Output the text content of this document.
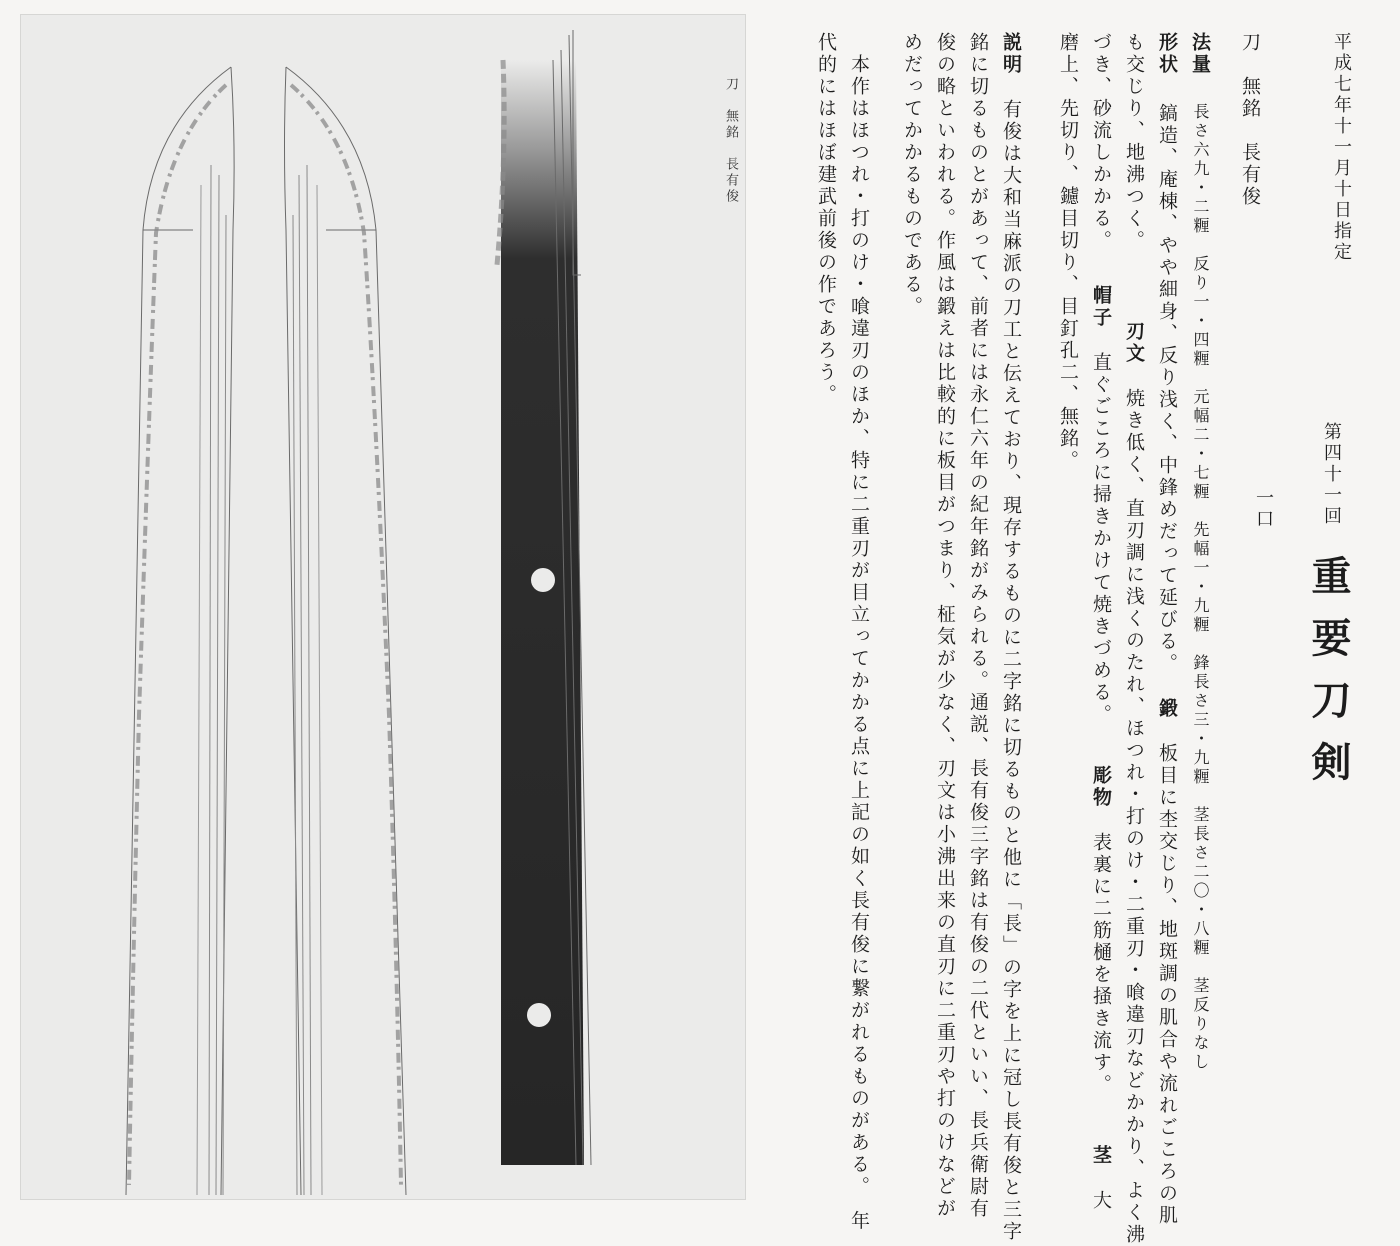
刀　無銘　長有俊	平成七年十一月十日指定
第四十一回
重要刀剣
一口
刀　無銘　長有俊
法量 長さ六九・二糎　反り一・四糎　元幅二・七糎　先幅一・九糎　鋒長さ三・九糎　茎長さ二〇・八糎　茎反りなし
形状 鎬造、庵棟、やや細身、反り浅く、中鋒めだって延びる。 鍛 板目に杢交じり、地斑調の肌合や流れごころの肌
も交じり、地沸つく。 刃文 焼き低く、直刃調に浅くのたれ、ほつれ・打のけ・二重刃・喰違刃などかかり、よく沸
づき、砂流しかかる。 帽子 直ぐごころに掃きかけて焼きづめる。 彫物 表裏に二筋樋を掻き流す。 茎 大
磨上、先切り、鑢目切り、目釘孔二、無銘。
説明 有俊は大和当麻派の刀工と伝えており、現存するものに二字銘に切るものと他に「長」の字を上に冠し長有俊と三字
銘に切るものとがあって、前者には永仁六年の紀年銘がみられる。通説、長有俊三字銘は有俊の二代といい、長兵衛尉有
俊の略といわれる。作風は鍛えは比較的に板目がつまり、柾気が少なく、刃文は小沸出来の直刃に二重刃や打のけなどが
めだってかかるものである。
　本作はほつれ・打のけ・喰違刃のほか、特に二重刃が目立ってかかる点に上記の如く長有俊に繋がれるものがある。　年
代的にはほぼ建武前後の作であろう。
